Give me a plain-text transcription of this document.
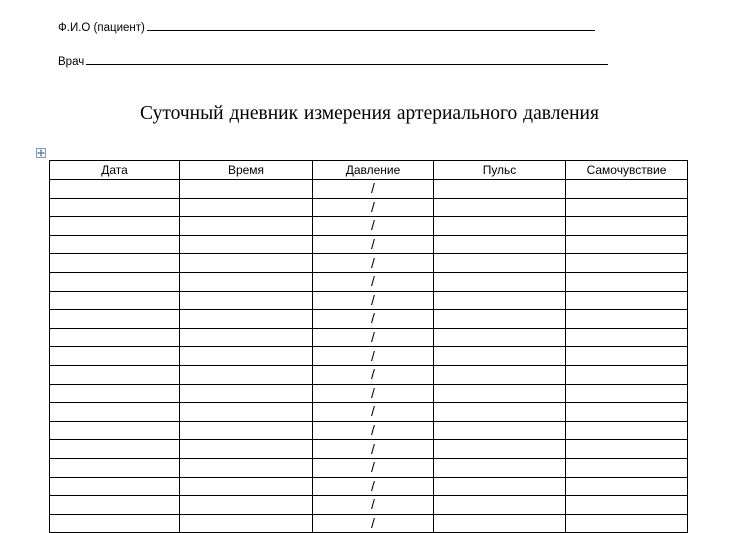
Ф.И.О (пациент)
Врач
Суточный дневник измерения артериального давления
Дата	Время	Давление	Пульс	Самочувствие
		/		
		/		
		/		
		/		
		/		
		/		
		/		
		/		
		/		
		/		
		/		
		/		
		/		
		/		
		/		
		/		
		/		
		/		
		/		
